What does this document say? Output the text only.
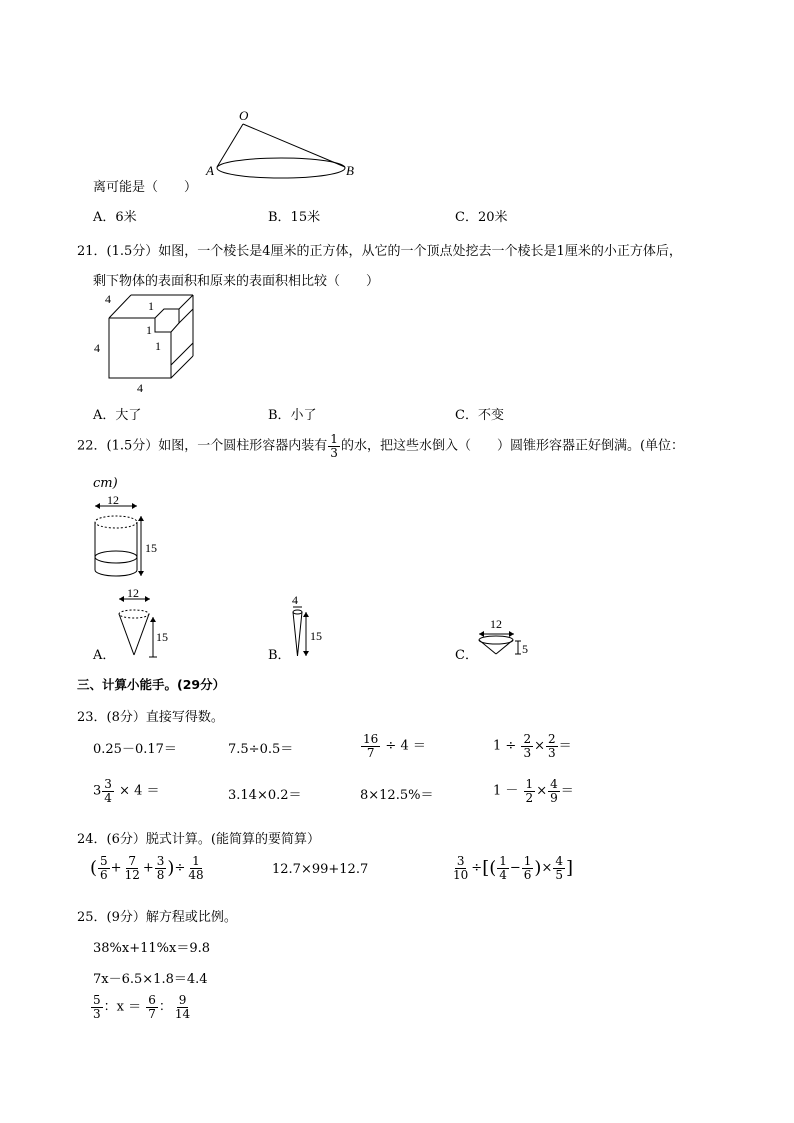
O
A	B
离可能是（　　）
A．6米	B．15米	C．20米
21．(1.5分）如图，一个棱长是4厘米的正方体，从它的一个顶点处挖去一个棱长是1厘米的小正方体后，
剩下物体的表面积和原来的表面积相比较（　　）
4
4
4
1
1
1
A．大了	B．小了	C．不变
22．(1.5分）如图，一个圆柱形容器内装有 $\frac{1}{3}$ 的水，把这些水倒入（　　）圆锥形容器正好倒满。(单位：
cm)
12
15
A．
12
15
B．
4
15
C．
12
5
三、计算小能手。(29分）
23．(8分）直接写得数。
0.25－0.17＝	7.5÷0.5＝	$\frac{16}{7} \div 4$ ＝	$1 \div \frac{2}{3} \times \frac{2}{3}$ ＝
$3 \frac{3}{4} \times 4$ ＝	3.14×0.2＝	8×12.5%＝	$1 - \frac{1}{2} \times \frac{4}{9}$ ＝
24．(6分）脱式计算。(能简算的要简算）
( $\frac{5}{6} + \frac{7}{12} + \frac{3}{8}$ )÷ $\frac{1}{48}$	12.7×99+12.7	$\frac{3}{10}$ ÷[( $\frac{1}{4} - \frac{1}{6}$ )× $\frac{4}{5}$ ]
25．(9分）解方程或比例。
38%x+11%x＝9.8
7x－6.5×1.8＝4.4
$\frac{5}{3}$ ：$x = \frac{6}{7}$ ： $\frac{9}{14}$
